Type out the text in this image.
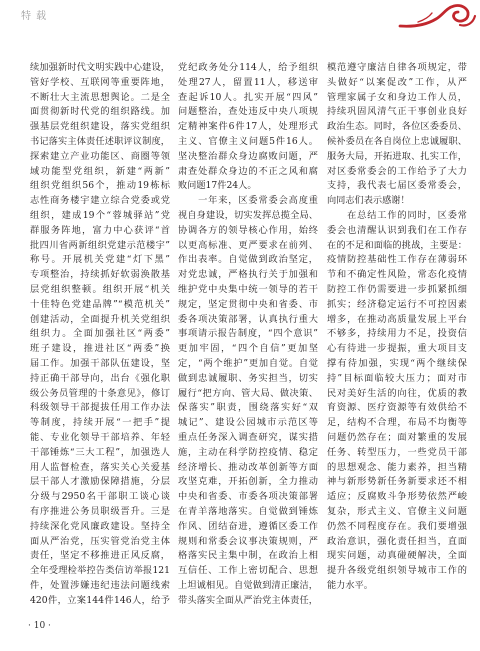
特 载
续加强新时代文明实践中心建设，
管好学校、互联网等重要阵地，
不断壮大主流思想舆论。二是全
面贯彻新时代党的组织路线。加
强基层党组织建设，落实党组织
书记落实主体责任述职评议制度，
探索建立产业功能区、商圈等领
域功能型党组织，新建“两新”
组织党组织56个，推动19栋标
志性商务楼宇建立综合党委或党
组织，建成19个“蓉城驿站”党
群服务阵地，富力中心获评“首
批四川省两新组织党建示范楼宇”
称号。开展机关党建“灯下黑”
专项整治，持续抓好软弱涣散基
层党组织整顿。组织开展“机关
十佳特色党建品牌”“模范机关”
创建活动，全面提升机关党组织
组织力。全面加强社区“两委”
班子建设，推进社区“两委”换
届工作。加强干部队伍建设，坚
持正确干部导向，出台《强化职
级公务员管理的十条意见》，修订
科级领导干部提拔任用工作办法
等制度，持续开展“一把手”提
能、专业化领导干部培养、年轻
干部锤炼“三大工程”，加强选人
用人监督检查，落实关心关爱基
层干部人才激励保障措施，分层
分级与2950名干部职工谈心谈
有序推进公务员职级晋升。三是
持续深化党风廉政建设。坚持全
面从严治党，压实管党治党主体
责任，坚定不移推进正风反腐，
全年受理检举控告类信访举报121
件，处置涉嫌违纪违法问题线索
420件，立案144件146人，给予
党纪政务处分114人，给予组织
处理27人，留置11人，移送审
查起诉10人。扎实开展“四风”
问题整治，查处违反中央八项规
定精神案件6件17人，处理形式
主义、官僚主义问题5件16人。
坚决整治群众身边腐败问题，严
肃查处群众身边的不正之风和腐
败问题17件24人。
　　一年来，区委常委会高度重
视自身建设，切实发挥总揽全局、
协调各方的领导核心作用，始终
以更高标准、更严要求在前列、
作出表率。自觉做到政治坚定，
对党忠诚，严格执行关于加强和
维护党中央集中统一领导的若干
规定，坚定贯彻中央和省委、市
委各项决策部署，认真执行重大
事项请示报告制度，“四个意识”
更加牢固，“四个自信”更加坚
定，“两个维护”更加自觉。自觉
做到忠诚履职、务实担当，切实
履行“把方向、管大局、做决策、
保落实”职责，围绕落实好“双
城记”、建设公园城市示范区等
重点任务深入调查研究，谋实措
施，主动在科学防控疫情、稳定
经济增长、推动改革创新等方面
攻坚克难，开拓创新，全力推动
中央和省委、市委各项决策部署
在青羊落地落实。自觉做到锤炼
作风、团结奋进，遵循区委工作
规则和常委会议事决策规则，严
格落实民主集中制，在政治上相
互信任、工作上密切配合、思想
上坦诚相见。自觉做到清正廉洁，
带头落实全面从严治党主体责任，
模范遵守廉洁自律各项规定，带
头做好“以案促改”工作，从严
管理家属子女和身边工作人员，
持续巩固风清气正干事创业良好
政治生态。同时，各位区委委员、
候补委员在各自岗位上忠诚履职、
服务大局，开拓进取、扎实工作，
对区委常委会的工作给予了大力
支持，我代表七届区委常委会，
向同志们表示感谢！
　　在总结工作的同时，区委常
委会也清醒认识到我们在工作存
在的不足和面临的挑战，主要是：
疫情防控基础性工作存在薄弱环
节和不确定性风险，常态化疫情
防控工作仍需要进一步抓紧抓细
抓实；经济稳定运行不可控因素
增多，在推动高质量发展上平台
不够多，持续用力不足，投资信
心有待进一步提振，重大项目支
撑有待加强，实现“两个继续保
持”目标面临较大压力；面对市
民对美好生活的向往，优质的教
育资源、医疗资源等有效供给不
足，结构不合理，布局不均衡等
问题仍然存在；面对繁重的发展
任务、转型压力，一些党员干部
的思想观念、能力素养，担当精
神与新形势新任务新要求还不相
适应；反腐败斗争形势依然严峻
复杂，形式主义、官僚主义问题
仍然不同程度存在。我们要增强
政治意识，强化责任担当，直面
现实问题，动真碰硬解决，全面
提升各级党组织领导城市工作的
能力水平。
· 10 ·
